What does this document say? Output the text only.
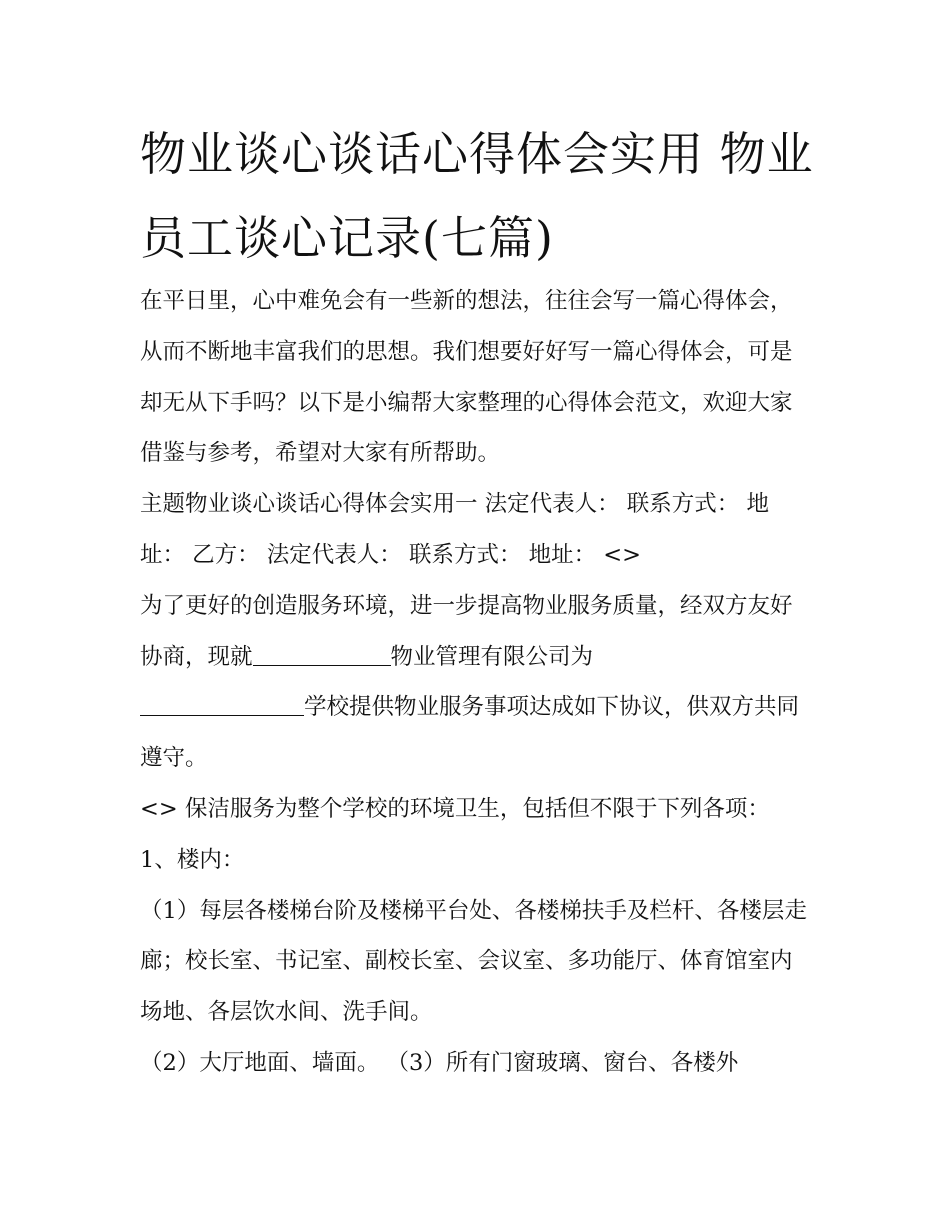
物业谈心谈话心得体会实用 物业员工谈心记录(七篇)

在平日里，心中难免会有一些新的想法，往往会写一篇心得体会，从而不断地丰富我们的思想。我们想要好好写一篇心得体会，可是却无从下手吗？以下是小编帮大家整理的心得体会范文，欢迎大家借鉴与参考，希望对大家有所帮助。

主题物业谈心谈话心得体会实用一 法定代表人： 联系方式： 地址： 乙方： 法定代表人： 联系方式： 地址： <>

为了更好的创造服务环境，进一步提高物业服务质量，经双方友好协商，现就	物业管理有限公司为
学校提供物业服务事项达成如下协议，供双方共同遵守。

<> 保洁服务为整个学校的环境卫生，包括但不限于下列各项： 1、楼内：

（1）每层各楼梯台阶及楼梯平台处、各楼梯扶手及栏杆、各楼层走廊；校长室、书记室、副校长室、会议室、多功能厅、体育馆室内场地、各层饮水间、洗手间。

（2）大厅地面、墙面。 （3）所有门窗玻璃、窗台、各楼外
